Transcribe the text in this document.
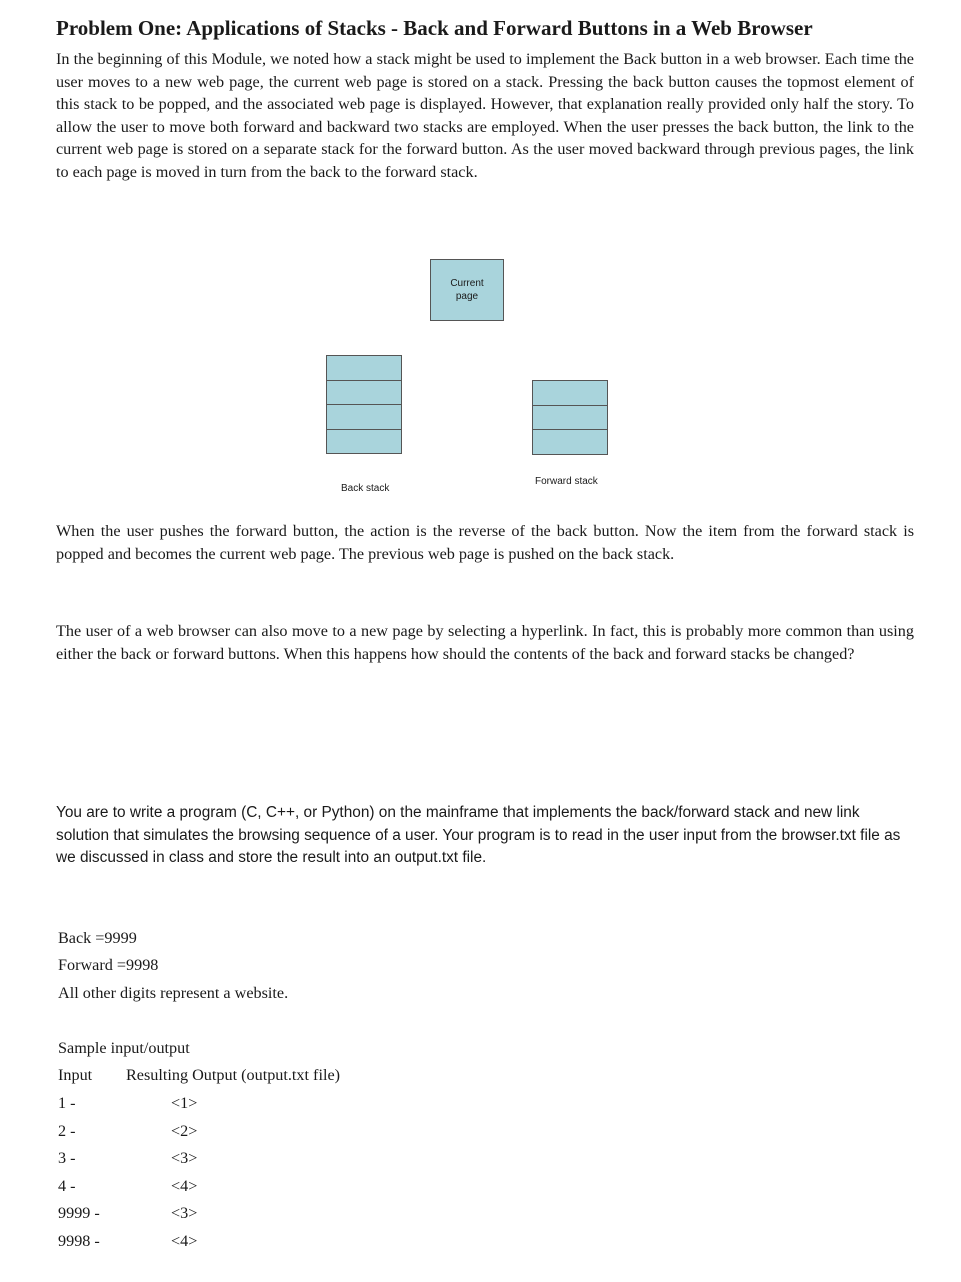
Problem One: Applications of Stacks - Back and Forward Buttons in a Web Browser
In the beginning of this Module, we noted how a stack might be used to implement the Back button in a web browser. Each time the user moves to a new web page, the current web page is stored on a stack. Pressing the back button causes the topmost element of this stack to be popped, and the associated web page is displayed. However, that explanation really provided only half the story. To allow the user to move both forward and backward two stacks are employed. When the user presses the back button, the link to the current web page is stored on a separate stack for the forward button. As the user moved backward through previous pages, the link to each page is moved in turn from the back to the forward stack.
Current
page
Back stack
Forward stack
When the user pushes the forward button, the action is the reverse of the back button. Now the item from the forward stack is popped and becomes the current web page. The previous web page is pushed on the back stack.
The user of a web browser can also move to a new page by selecting a hyperlink. In fact, this is probably more common than using either the back or forward buttons. When this happens how should the contents of the back and forward stacks be changed?
You are to write a program (C, C++, or Python) on the mainframe that implements the back/forward stack and new link solution that simulates the browsing sequence of a user. Your program is to read in the user input from the browser.txt file as we discussed in class and store the result into an output.txt file.
Back =9999
Forward =9998
All other digits represent a website.
Sample input/output
Input Resulting Output (output.txt file)
1 -	<1>
2 -	<2>
3 -	<3>
4 -	<4>
9999 -	<3>
9998 -	<4>
